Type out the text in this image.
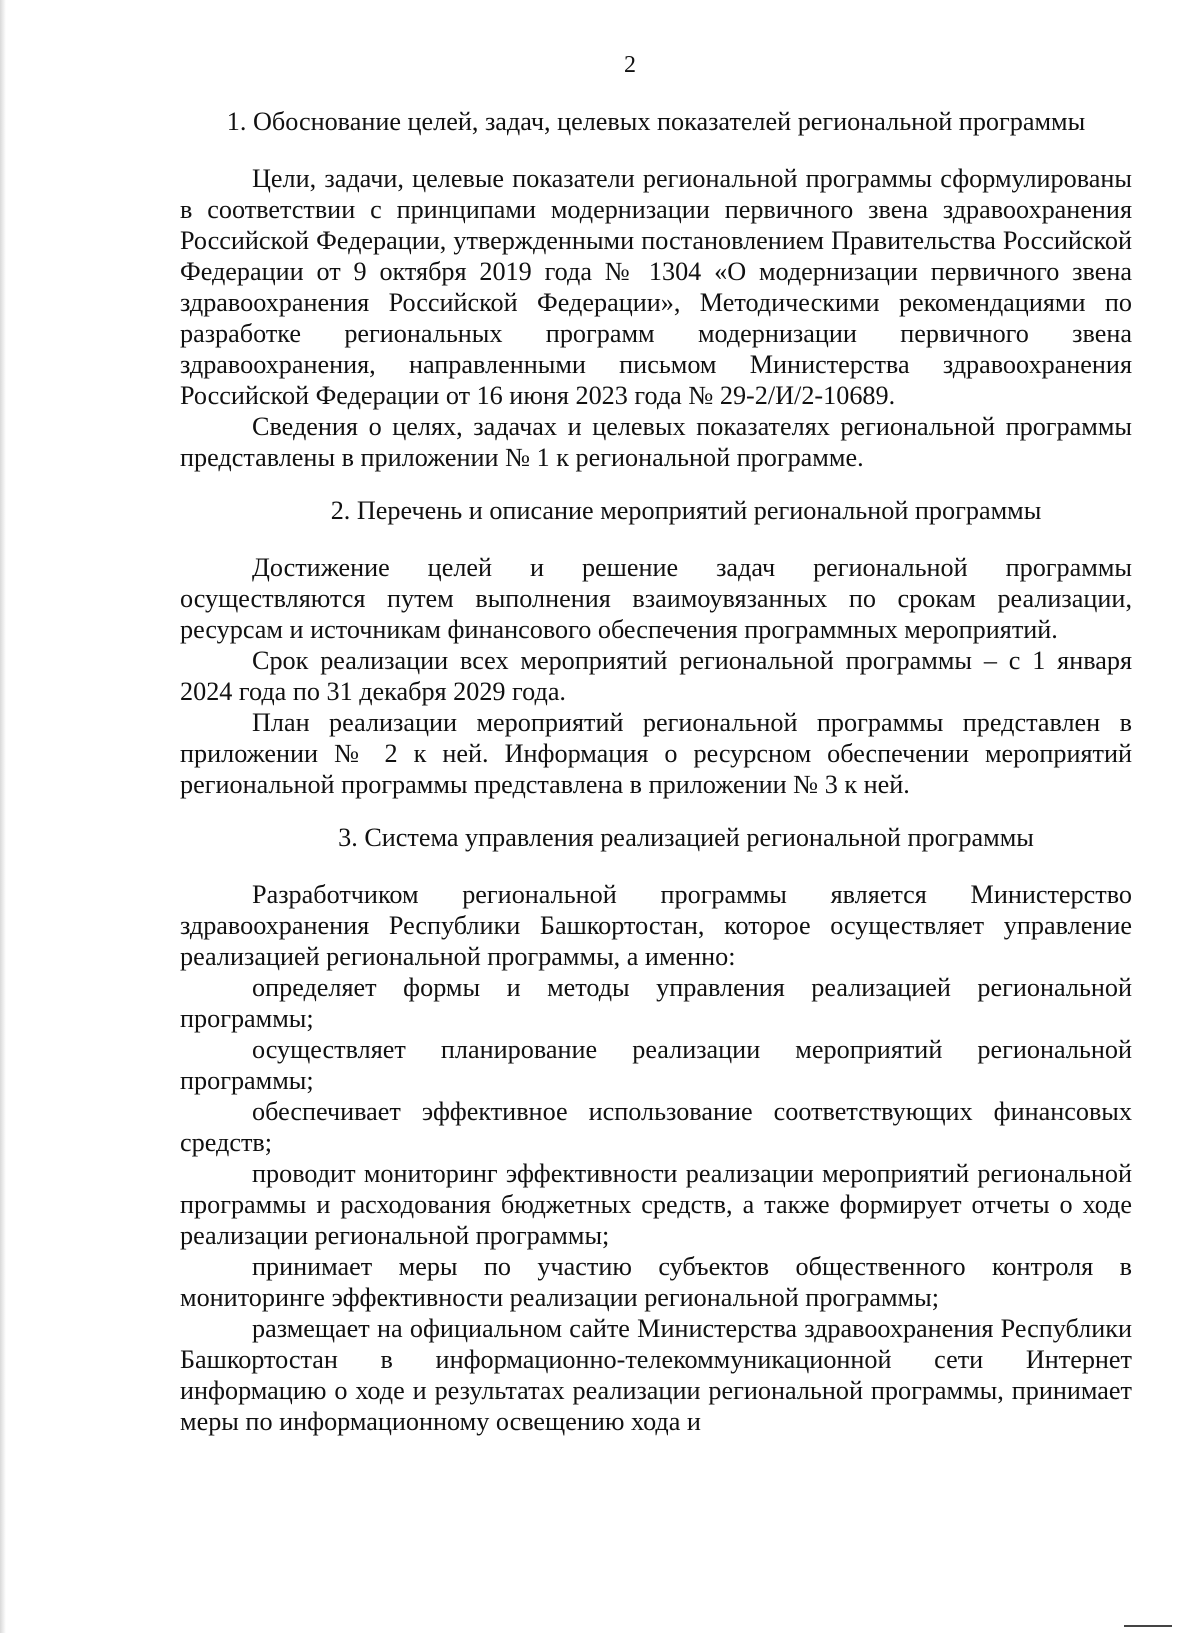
2
1. Обоснование целей, задач, целевых показателей региональной программы

Цели, задачи, целевые показатели региональной программы сформулированы в соответствии с принципами модернизации первичного звена здравоохранения Российской Федерации, утвержденными постановлением Правительства Российской Федерации от 9 октября 2019 года № 1304 «О модернизации первичного звена здравоохранения Российской Федерации», Методическими рекомендациями по разработке региональных программ модернизации первичного звена здравоохранения, направленными письмом Министерства здравоохранения Российской Федерации от 16 июня 2023 года № 29-2/И/2-10689.

Сведения о целях, задачах и целевых показателях региональной программы представлены в приложении № 1 к региональной программе.

2. Перечень и описание мероприятий региональной программы

Достижение целей и решение задач региональной программы осуществляются путем выполнения взаимоувязанных по срокам реализации, ресурсам и источникам финансового обеспечения программных мероприятий.

Срок реализации всех мероприятий региональной программы – с 1 января 2024 года по 31 декабря 2029 года.

План реализации мероприятий региональной программы представлен в приложении № 2 к ней. Информация о ресурсном обеспечении мероприятий региональной программы представлена в приложении № 3 к ней.

3. Система управления реализацией региональной программы

Разработчиком региональной программы является Министерство здравоохранения Республики Башкортостан, которое осуществляет управление реализацией региональной программы, а именно:

определяет формы и методы управления реализацией региональной программы;

осуществляет планирование реализации мероприятий региональной программы;

обеспечивает эффективное использование соответствующих финансовых средств;

проводит мониторинг эффективности реализации мероприятий региональной программы и расходования бюджетных средств, а также формирует отчеты о ходе реализации региональной программы;

принимает меры по участию субъектов общественного контроля в мониторинге эффективности реализации региональной программы;

размещает на официальном сайте Министерства здравоохранения Республики Башкортостан в информационно-телекоммуникационной сети Интернет информацию о ходе и результатах реализации региональной программы, принимает меры по информационному освещению хода и
